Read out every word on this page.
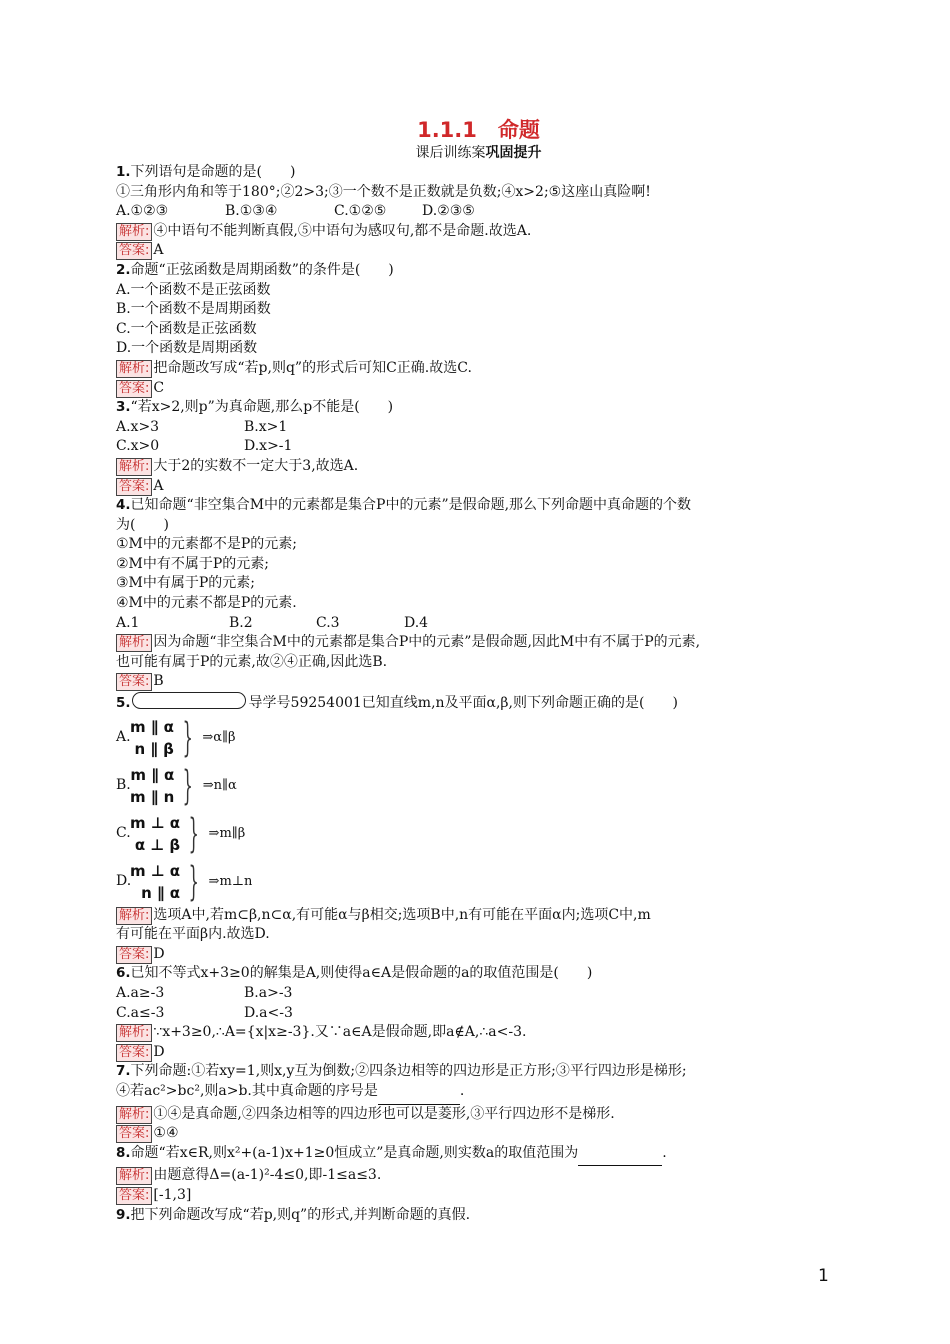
1.1.1　命题
课后训练案巩固提升
1.下列语句是命题的是(　　)
①三角形内角和等于180°;②2>3;③一个数不是正数就是负数;④x>2;⑤这座山真险啊!
A.①②③	B.①③④	C.①②⑤	D.②③⑤
解析: ④中语句不能判断真假,⑤中语句为感叹句,都不是命题.故选A.
答案: A
2.命题“正弦函数是周期函数”的条件是(　　)
A.一个函数不是正弦函数
B.一个函数不是周期函数
C.一个函数是正弦函数
D.一个函数是周期函数
解析: 把命题改写成“若p,则q”的形式后可知C正确.故选C.
答案: C
3.“若x>2,则p”为真命题,那么p不能是(　　)
A.x>3	B.x>1
C.x>0	D.x>-1
解析: 大于2的实数不一定大于3,故选A.
答案: A
4.已知命题“非空集合M中的元素都是集合P中的元素”是假命题,那么下列命题中真命题的个数
为(　　)
①M中的元素都不是P的元素;
②M中有不属于P的元素;
③M中有属于P的元素;
④M中的元素不都是P的元素.
A.1	B.2	C.3	D.4
解析: 因为命题“非空集合M中的元素都是集合P中的元素”是假命题,因此M中有不属于P的元素,
也可能有属于P的元素,故②④正确,因此选B.
答案: B
5.	导学号59254001已知直线m,n及平面α,β,则下列命题正确的是(　　)
A.
m ∥ α
n ∥ β } ⇒α∥β
B.
m ∥ α
m ∥ n } ⇒n∥α
C.
m ⊥ α
α ⊥ β } ⇒m∥β
D.
m ⊥ α
n ∥ α } ⇒m⊥n
解析: 选项A中,若m⊂β,n⊂α,有可能α与β相交;选项B中,n有可能在平面α内;选项C中,m
有可能在平面β内.故选D.
答案: D
6.已知不等式x+3≥0的解集是A,则使得a∈A是假命题的a的取值范围是(　　)
A.a≥-3	B.a>-3
C.a≤-3	D.a<-3
解析: ∵x+3≥0,∴A={x|x≥-3}.又∵a∈A是假命题,即a∉A,∴a<-3.
答案: D
7.下列命题:①若xy=1,则x,y互为倒数;②四条边相等的四边形是正方形;③平行四边形是梯形;
④若ac²>bc²,则a>b.其中真命题的序号是	.
解析: ①④是真命题,②四条边相等的四边形也可以是菱形,③平行四边形不是梯形.
答案: ①④
8.命题“若x∈R,则x²+(a-1)x+1≥0恒成立”是真命题,则实数a的取值范围为	.
解析: 由题意得Δ=(a-1)²-4≤0,即-1≤a≤3.
答案: [-1,3]
9.把下列命题改写成“若p,则q”的形式,并判断命题的真假.
1
